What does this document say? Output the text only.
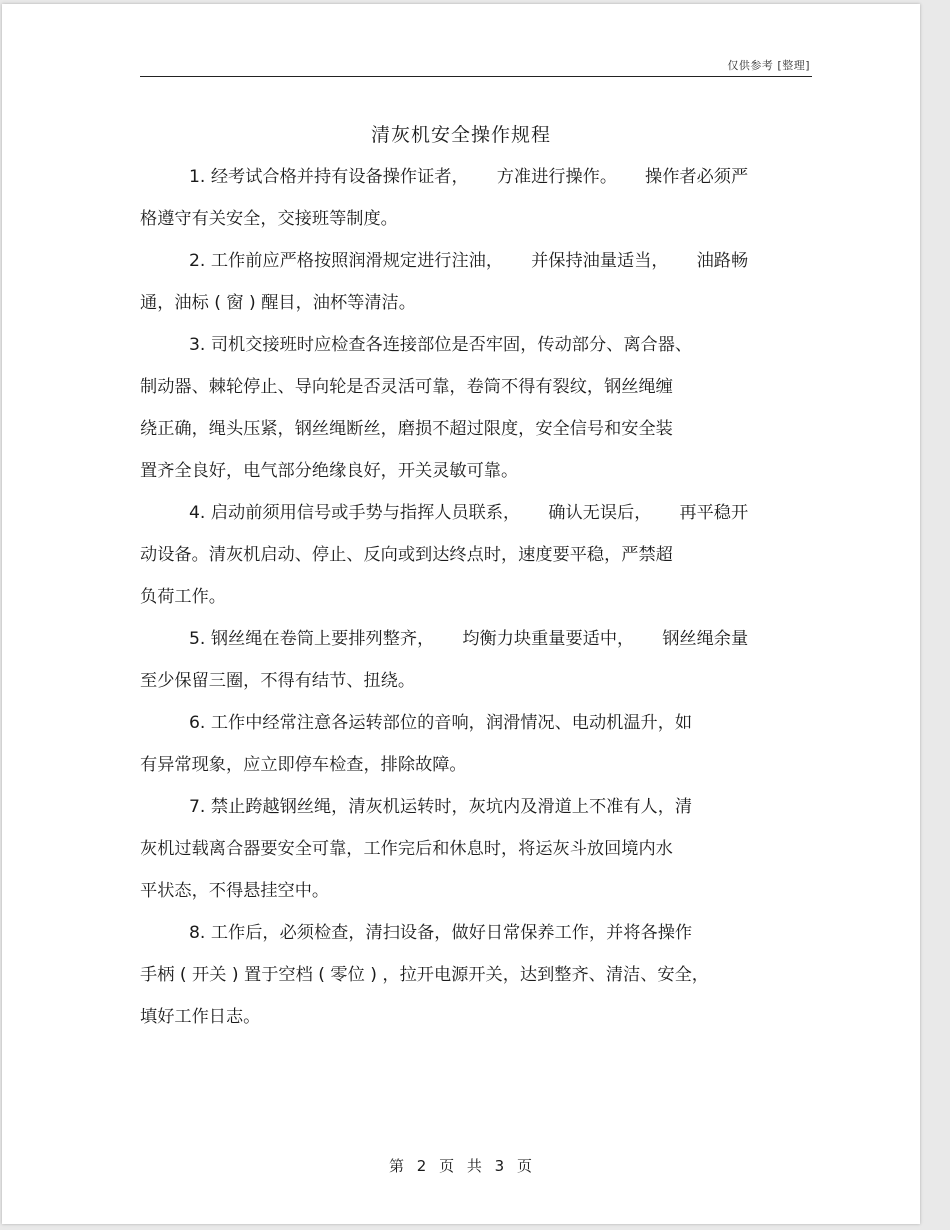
仅供参考 [整理]
清灰机安全操作规程
1. 经考试合格并持有设备操作证者， 方准进行操作。 操作者必须严
格遵守有关安全，交接班等制度。
2. 工作前应严格按照润滑规定进行注油， 并保持油量适当， 油路畅
通，油标 ( 窗 ) 醒目，油杯等清洁。
3. 司机交接班时应检查各连接部位是否牢固，传动部分、离合器、
制动器、棘轮停止、导向轮是否灵活可靠，卷筒不得有裂纹，钢丝绳缠
绕正确，绳头压紧，钢丝绳断丝，磨损不超过限度，安全信号和安全装
置齐全良好，电气部分绝缘良好，开关灵敏可靠。
4. 启动前须用信号或手势与指挥人员联系， 确认无误后， 再平稳开
动设备。清灰机启动、停止、反向或到达终点时，速度要平稳，严禁超
负荷工作。
5. 钢丝绳在卷筒上要排列整齐， 均衡力块重量要适中， 钢丝绳余量
至少保留三圈，不得有结节、扭绕。
6. 工作中经常注意各运转部位的音响，润滑情况、电动机温升，如
有异常现象，应立即停车检查，排除故障。
7. 禁止跨越钢丝绳，清灰机运转时，灰坑内及滑道上不准有人，清
灰机过载离合器要安全可靠，工作完后和休息时，将运灰斗放回境内水
平状态，不得悬挂空中。
8. 工作后，必须检查，清扫设备，做好日常保养工作，并将各操作
手柄 ( 开关 ) 置于空档 ( 零位 ) ，拉开电源开关，达到整齐、清洁、安全，
填好工作日志。
第 2 页 共 3 页
